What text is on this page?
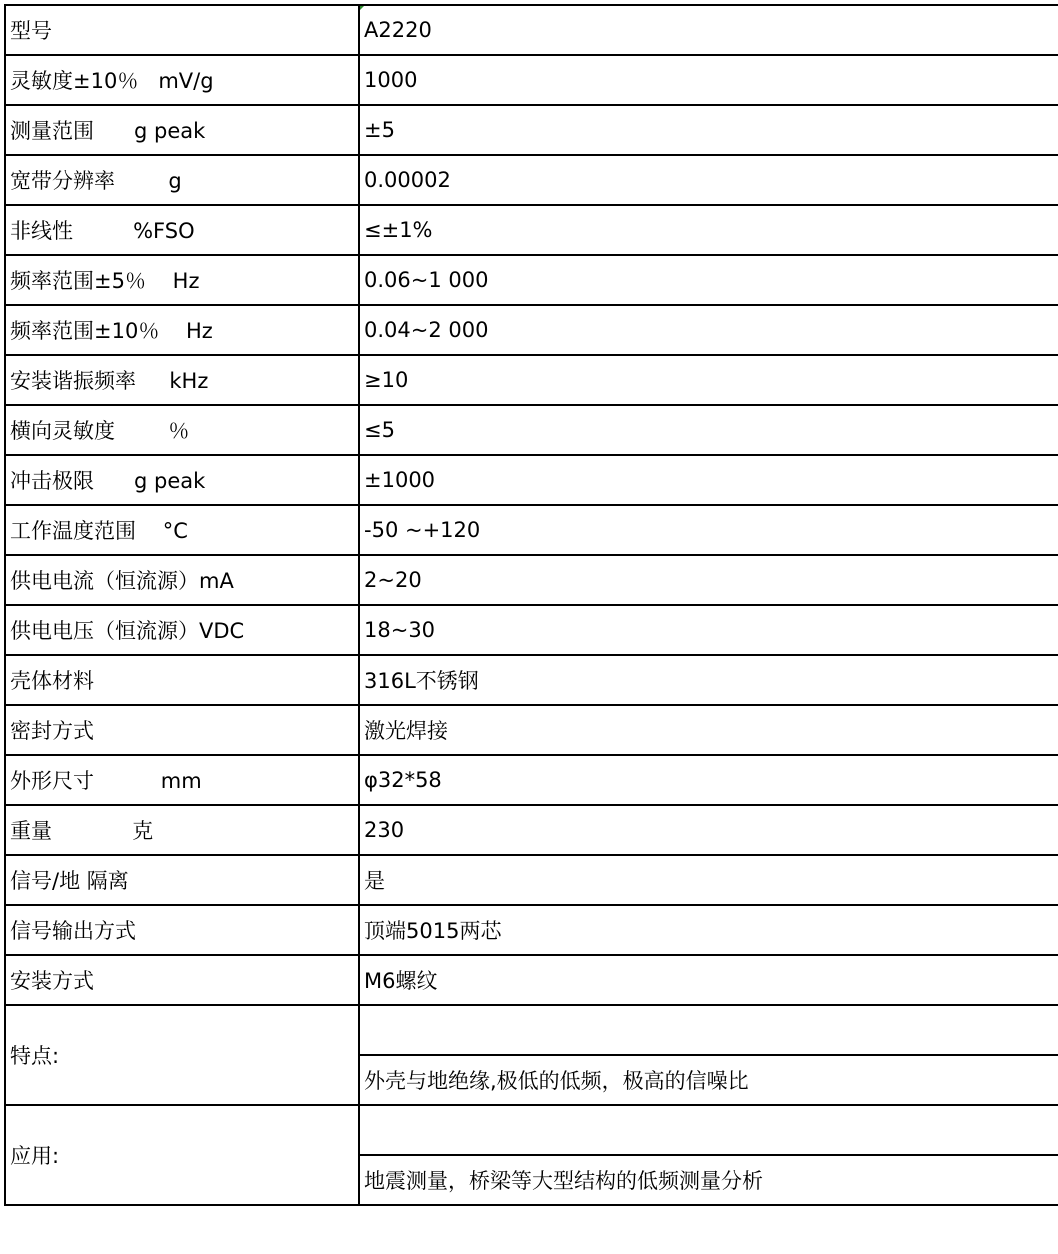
型号	A2220
灵敏度±10％   mV/g	1000
测量范围      g peak	±5
宽带分辨率        g	0.00002
非线性         %FSO	≤±1%
频率范围±5％    Hz	0.06~1 000
频率范围±10％    Hz	0.04~2 000
安装谐振频率     kHz	≥10
横向灵敏度        ％	≤5
冲击极限      g peak	±1000
工作温度范围    °C	-50 ~+120
供电电流（恒流源）mA	2~20
供电电压（恒流源）VDC	18~30
壳体材料	316L不锈钢
密封方式	激光焊接
外形尺寸          mm	φ32*58
重量            克	230
信号/地 隔离	是
信号输出方式	顶端5015两芯
安装方式	M6螺纹
特点:	
	外壳与地绝缘,极低的低频，极高的信噪比
应用:	
	地震测量，桥梁等大型结构的低频测量分析
